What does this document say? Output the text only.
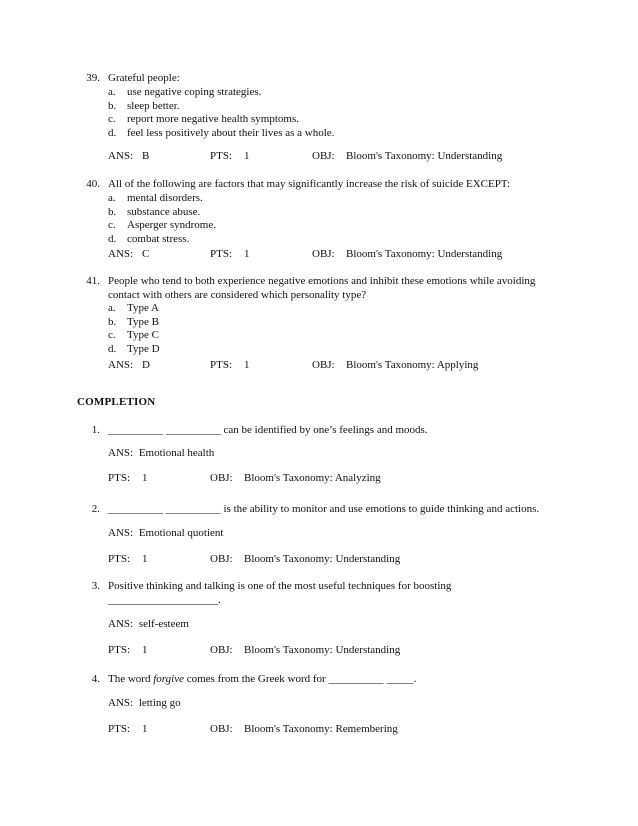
39. Grateful people:
a. use negative coping strategies.
b. sleep better.
c. report more negative health symptoms.
d. feel less positively about their lives as a whole.
ANS: B	PTS: 1	OBJ: Bloom's Taxonomy: Understanding
40. All of the following are factors that may significantly increase the risk of suicide EXCEPT:
a. mental disorders.
b. substance abuse.
c. Asperger syndrome.
d. combat stress.
ANS: C	PTS: 1	OBJ: Bloom's Taxonomy: Understanding
41. People who tend to both experience negative emotions and inhibit these emotions while avoiding
contact with others are considered which personality type?
a. Type A
b. Type B
c. Type C
d. Type D
ANS: D	PTS: 1	OBJ: Bloom's Taxonomy: Applying
COMPLETION
1. __________ __________ can be identified by one’s feelings and moods.
ANS: Emotional health
PTS: 1	OBJ: Bloom's Taxonomy: Analyzing
2. __________ __________ is the ability to monitor and use emotions to guide thinking and actions.
ANS: Emotional quotient
PTS: 1	OBJ: Bloom's Taxonomy: Understanding
3. Positive thinking and talking is one of the most useful techniques for boosting
____________________.
ANS: self-esteem
PTS: 1	OBJ: Bloom's Taxonomy: Understanding
4. The word forgive comes from the Greek word for __________ _____.
ANS: letting go
PTS: 1	OBJ: Bloom's Taxonomy: Remembering
